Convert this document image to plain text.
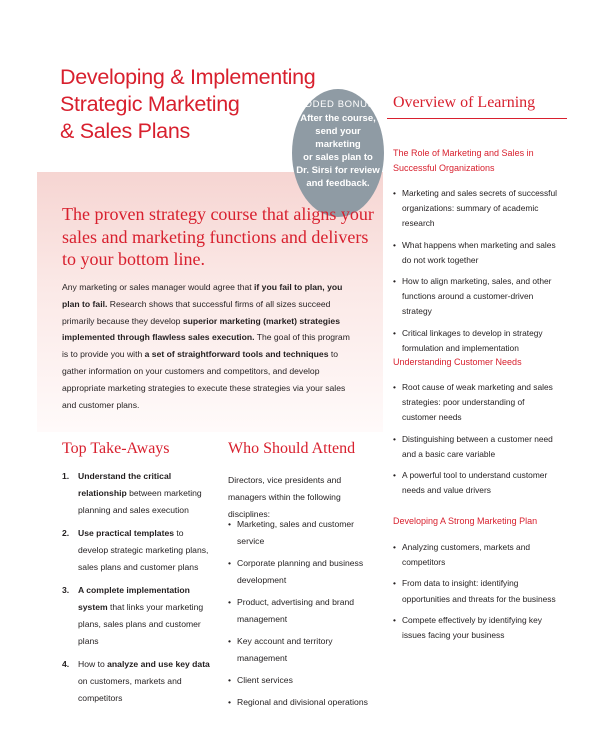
Developing & Implementing
Strategic Marketing
& Sales Plans
ADDED BONUS:
After the course,
send your marketing
or sales plan to
Dr. Sirsi for review
and feedback.
The proven strategy course that aligns your sales and marketing functions and delivers to your bottom line.

Any marketing or sales manager would agree that if you fail to plan, you plan to fail. Research shows that successful firms of all sizes succeed primarily because they develop superior marketing (market) strategies implemented through flawless sales execution. The goal of this program is to provide you with a set of straightforward tools and techniques to gather information on your customers and competitors, and develop appropriate marketing strategies to execute these strategies via your sales and customer plans.

Top Take-Aways
1. Understand the critical relationship between marketing planning and sales execution
2. Use practical templates to develop strategic marketing plans, sales plans and customer plans
3. A complete implementation system that links your marketing plans, sales plans and customer plans
4. How to analyze and use key data on customers, markets and competitors
Who Should Attend
Directors, vice presidents and managers within the following disciplines:
• Marketing, sales and customer service
• Corporate planning and business development
• Product, advertising and brand management
• Key account and territory management
• Client services
• Regional and divisional operations
Overview of Learning
The Role of Marketing and Sales in Successful Organizations
• Marketing and sales secrets of successful organizations: summary of academic research
• What happens when marketing and sales do not work together
• How to align marketing, sales, and other functions around a customer-driven strategy
• Critical linkages to develop in strategy formulation and implementation
Understanding Customer Needs
• Root cause of weak marketing and sales strategies: poor understanding of customer needs
• Distinguishing between a customer need and a basic care variable
• A powerful tool to understand customer needs and value drivers
Developing A Strong Marketing Plan
• Analyzing customers, markets and competitors
• From data to insight: identifying opportunities and threats for the business
• Compete effectively by identifying key issues facing your business
